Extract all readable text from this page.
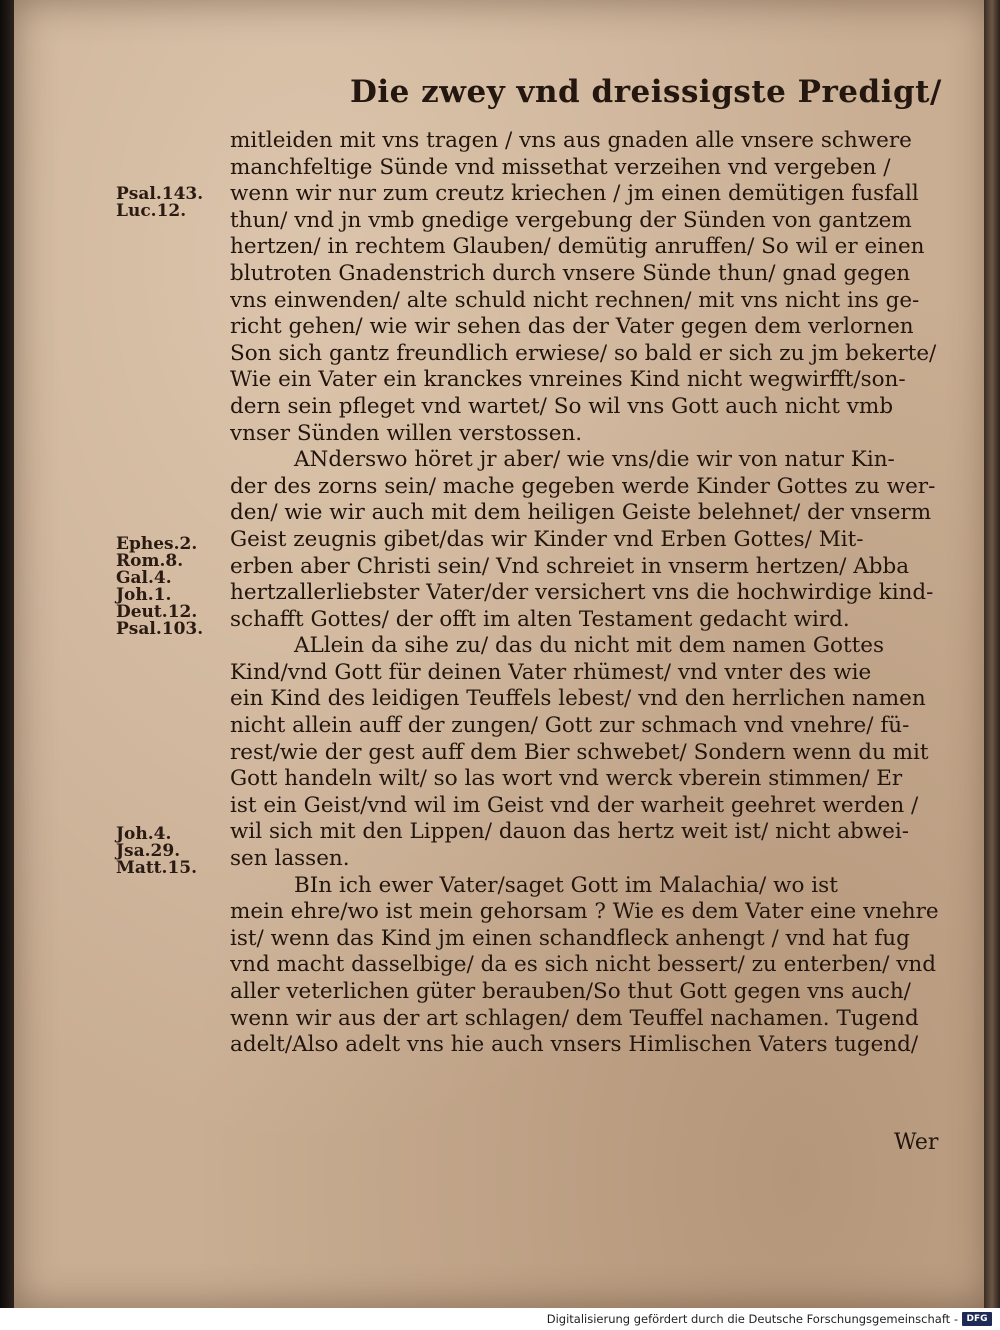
Die zwey vnd dreissigste Predigt/
Psal.143.
Luc.12.
Ephes.2.
Rom.8.
Gal.4.
Joh.1.
Deut.12.
Psal.103.
Joh.4.
Jsa.29.
Matt.15.
mitleiden mit vns tragen / vns aus gnaden alle vnsere schwere
manchfeltige Sünde vnd missethat verzeihen vnd vergeben /
wenn wir nur zum creutz kriechen / jm einen demütigen fusfall
thun/ vnd jn vmb gnedige vergebung der Sünden von gantzem
hertzen/ in rechtem Glauben/ demütig anruffen/ So wil er einen
blutroten Gnadenstrich durch vnsere Sünde thun/ gnad gegen
vns einwenden/ alte schuld nicht rechnen/ mit vns nicht ins ge-
richt gehen/ wie wir sehen das der Vater gegen dem verlornen
Son sich gantz freundlich erwiese/ so bald er sich zu jm bekerte/
Wie ein Vater ein kranckes vnreines Kind nicht wegwirfft/son-
dern sein pfleget vnd wartet/ So wil vns Gott auch nicht vmb
vnser Sünden willen verstossen.
ANderswo höret jr aber/ wie vns/die wir von natur Kin-
der des zorns sein/ mache gegeben werde Kinder Gottes zu wer-
den/ wie wir auch mit dem heiligen Geiste belehnet/ der vnserm
Geist zeugnis gibet/das wir Kinder vnd Erben Gottes/ Mit-
erben aber Christi sein/ Vnd schreiet in vnserm hertzen/ Abba
hertzallerliebster Vater/der versichert vns die hochwirdige kind-
schafft Gottes/ der offt im alten Testament gedacht wird.
ALlein da sihe zu/ das du nicht mit dem namen Gottes
Kind/vnd Gott für deinen Vater rhümest/ vnd vnter des wie
ein Kind des leidigen Teuffels lebest/ vnd den herrlichen namen
nicht allein auff der zungen/ Gott zur schmach vnd vnehre/ fü-
rest/wie der gest auff dem Bier schwebet/ Sondern wenn du mit
Gott handeln wilt/ so las wort vnd werck vberein stimmen/ Er
ist ein Geist/vnd wil im Geist vnd der warheit geehret werden /
wil sich mit den Lippen/ dauon das hertz weit ist/ nicht abwei-
sen lassen.
BIn ich ewer Vater/saget Gott im Malachia/ wo ist
mein ehre/wo ist mein gehorsam ? Wie es dem Vater eine vnehre
ist/ wenn das Kind jm einen schandfleck anhengt / vnd hat fug
vnd macht dasselbige/ da es sich nicht bessert/ zu enterben/ vnd
aller veterlichen güter berauben/So thut Gott gegen vns auch/
wenn wir aus der art schlagen/ dem Teuffel nachamen. Tugend
adelt/Also adelt vns hie auch vnsers Himlischen Vaters tugend/
Wer
Digitalisierung gefördert durch die Deutsche Forschungsgemeinschaft - DFG
